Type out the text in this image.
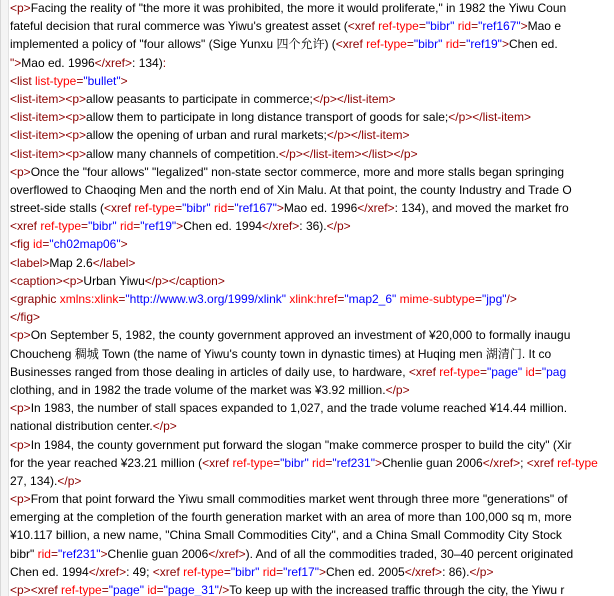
<p>Facing the reality of "the more it was prohibited, the more it would proliferate," in 1982 the Yiwu Coun
fateful decision that rural commerce was Yiwu's greatest asset (<xref ref-type="bibr" rid="ref167">Mao e
implemented a policy of "four allows" (Sige Yunxu 四个允许) (<xref ref-type="bibr" rid="ref19">Chen ed.
">Mao ed. 1996</xref>: 134):
<list list-type="bullet">
<list-item><p>allow peasants to participate in commerce;</p></list-item>
<list-item><p>allow them to participate in long distance transport of goods for sale;</p></list-item>
<list-item><p>allow the opening of urban and rural markets;</p></list-item>
<list-item><p>allow many channels of competition.</p></list-item></list></p>
<p>Once the "four allows" "legalized" non-state sector commerce, more and more stalls began springing
overflowed to Chaoqing Men and the north end of Xin Malu. At that point, the county Industry and Trade O
street-side stalls (<xref ref-type="bibr" rid="ref167">Mao ed. 1996</xref>: 134), and moved the market fro
<xref ref-type="bibr" rid="ref19">Chen ed. 1994</xref>: 36).</p>
<fig id="ch02map06">
<label>Map 2.6</label>
<caption><p>Urban Yiwu</p></caption>
<graphic xmlns:xlink="http://www.w3.org/1999/xlink" xlink:href="map2_6" mime-subtype="jpg"/>
</fig>
<p>On September 5, 1982, the county government approved an investment of ¥20,000 to formally inaugu
Choucheng 稠城 Town (the name of Yiwu's county town in dynastic times) at Huqing men 湖清门. It co
Businesses ranged from those dealing in articles of daily use, to hardware, <xref ref-type="page" id="pag
clothing, and in 1982 the trade volume of the market was ¥3.92 million.</p>
<p>In 1983, the number of stall spaces expanded to 1,027, and the trade volume reached ¥14.44 million.
national distribution center.</p>
<p>In 1984, the county government put forward the slogan "make commerce prosper to build the city" (Xir
for the year reached ¥23.21 million (<xref ref-type="bibr" rid="ref231">Chenlie guan 2006</xref>; <xref ref-type
27, 134).</p>
<p>From that point forward the Yiwu small commodities market went through three more "generations" of
emerging at the completion of the fourth generation market with an area of more than 100,000 sq m, more
¥10.117 billion, a new name, "China Small Commodities City", and a China Small Commodity City Stock
bibr" rid="ref231">Chenlie guan 2006</xref>). And of all the commodities traded, 30–40 percent originated
Chen ed. 1994</xref>: 49; <xref ref-type="bibr" rid="ref17">Chen ed. 2005</xref>: 86).</p>
<p><xref ref-type="page" id="page_31"/>To keep up with the increased traffic through the city, the Yiwu r
